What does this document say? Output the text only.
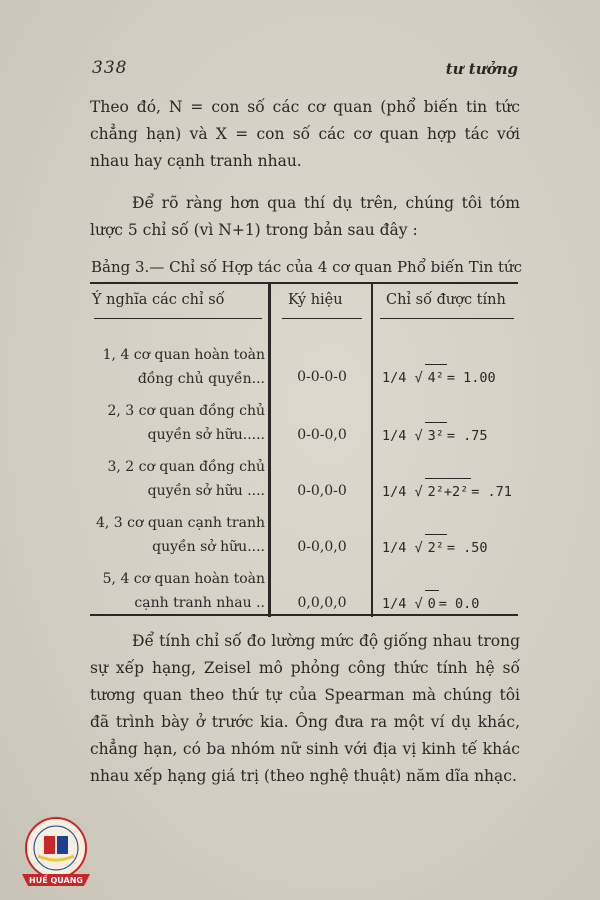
338	tư tưởng
Theo đó, N = con số các cơ quan (phổ biến tin tức chẳng hạn) và X = con số các cơ quan hợp tác với nhau hay cạnh tranh nhau.
Để rõ ràng hơn qua thí dụ trên, chúng tôi tóm lược 5 chỉ số (vì N+1) trong bản sau đây :
Bảng 3.— Chỉ số Hợp tác của 4 cơ quan Phổ biến Tin tức
Ý nghĩa các chỉ số	Ký hiệu	Chỉ số được tính
1, 4 cơ quan hoàn toàn
đồng chủ quyền...	0-0-0-0	1/4 √ 4²= 1.00
2, 3 cơ quan đồng chủ
quyền sở hữu.....	0-0-0,0	1/4 √ 3²= .75
3, 2 cơ quan đồng chủ
quyền sở hữu ....	0-0,0-0	1/4 √ 2²+2²= .71
4, 3 cơ quan cạnh tranh
quyền sở hữu....	0-0,0,0	1/4 √ 2²= .50
5, 4 cơ quan hoàn toàn
cạnh tranh nhau ..	0,0,0,0	1/4 √ 0= 0.0
Để tính chỉ số đo lường mức độ giống nhau trong sự xếp hạng, Zeisel mô phỏng công thức tính hệ số tương quan theo thứ tự của Spearman mà chúng tôi đã trình bày ở trước kia. Ông đưa ra một ví dụ khác, chẳng hạn, có ba nhóm nữ sinh với địa vị kinh tế khác nhau xếp hạng giá trị (theo nghệ thuật) năm dĩa nhạc.
HUẾ QUANG
